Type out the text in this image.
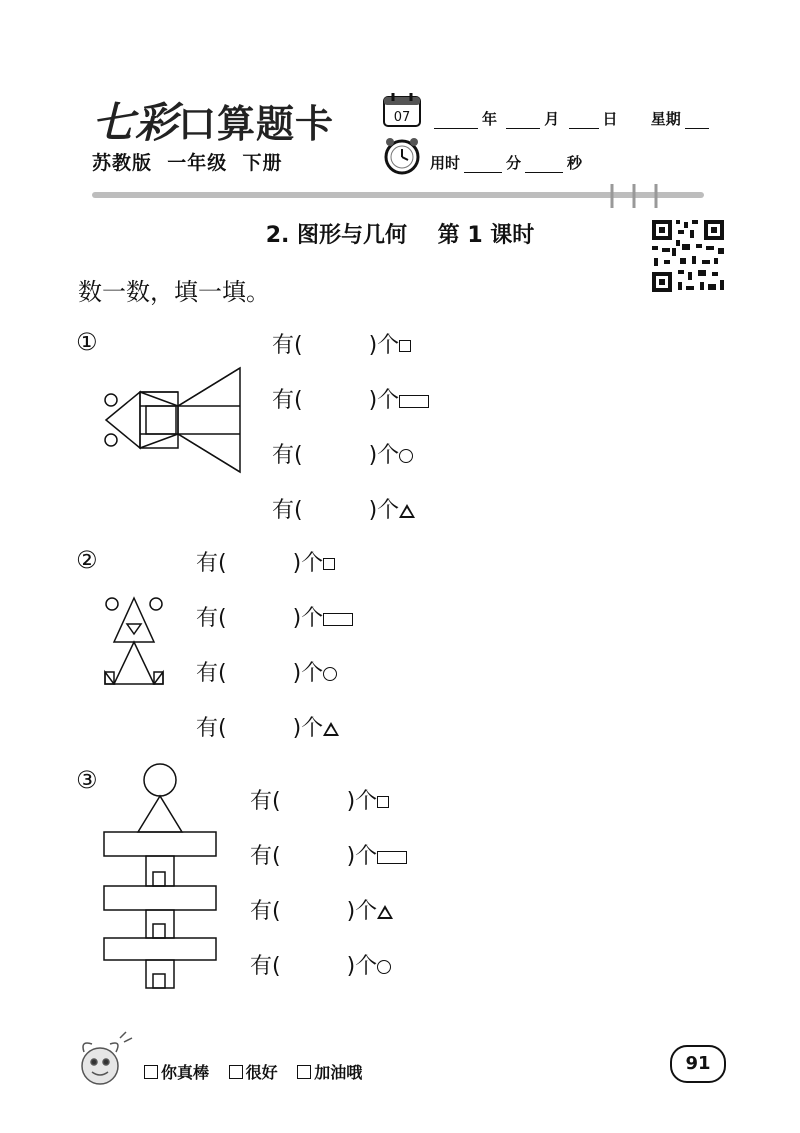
七彩口算题卡
苏教版  一年级  下册
07	年	月	日 星期
用时	分	秒
2. 图形与几何    第 1 课时
数一数，填一填。
①	有(	)个
有(	)个
有(	)个
有(	)个
②	有(	)个
有(	)个
有(	)个
有(	)个
③
有(	)个
有(	)个
有(	)个
有(	)个
你真棒 很好 加油哦	91
